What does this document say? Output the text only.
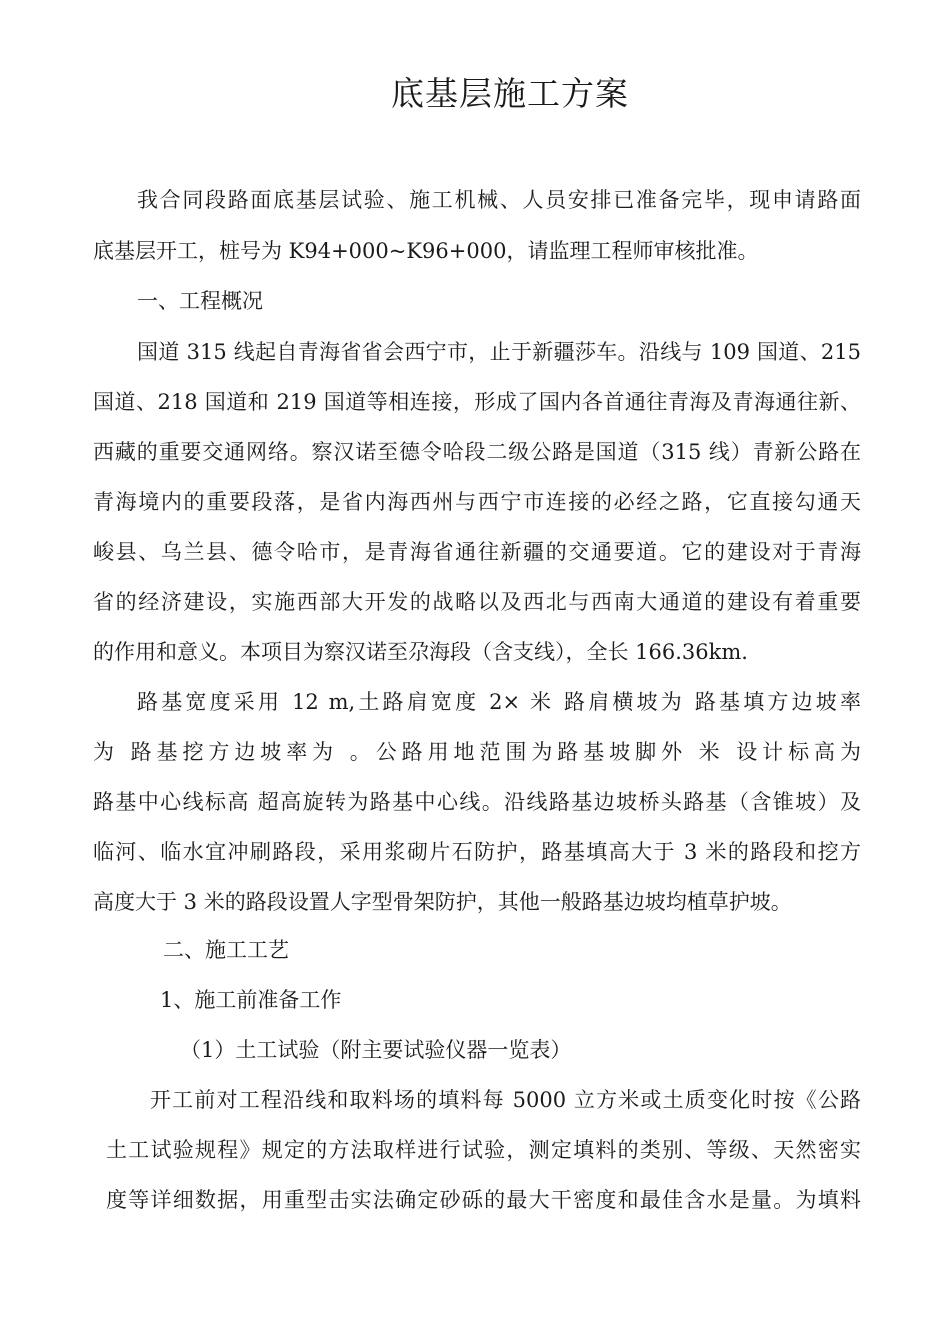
底基层施工方案
我合同段路面底基层试验、施工机械、人员安排已准备完毕，现申请路面
底基层开工，桩号为 K94+000~K96+000，请监理工程师审核批准。
一、工程概况
国道 315 线起自青海省省会西宁市，止于新疆莎车。沿线与 109 国道、215
国道、218 国道和 219 国道等相连接，形成了国内各首通往青海及青海通往新、
西藏的重要交通网络。察汉诺至德令哈段二级公路是国道（315 线）青新公路在
青海境内的重要段落，是省内海西州与西宁市连接的必经之路，它直接勾通天
峻县、乌兰县、德令哈市，是青海省通往新疆的交通要道。它的建设对于青海
省的经济建设，实施西部大开发的战略以及西北与西南大通道的建设有着重要
的作用和意义。本项目为察汉诺至尕海段（含支线），全长 166.36km.
路基宽度采用 12 m,土路肩宽度 2× 米 路肩横坡为 路基填方边坡率
为 路基挖方边坡率为 。公路用地范围为路基坡脚外 米 设计标高为
路基中心线标高 超高旋转为路基中心线。沿线路基边坡桥头路基（含锥坡）及
临河、临水宜冲刷路段，采用浆砌片石防护，路基填高大于 3 米的路段和挖方
高度大于 3 米的路段设置人字型骨架防护，其他一般路基边坡均植草护坡。
二、施工工艺
1、施工前准备工作
（1）土工试验（附主要试验仪器一览表）
开工前对工程沿线和取料场的填料每 5000 立方米或土质变化时按《公路
土工试验规程》规定的方法取样进行试验，测定填料的类别、等级、天然密实
度等详细数据，用重型击实法确定砂砾的最大干密度和最佳含水是量。为填料
